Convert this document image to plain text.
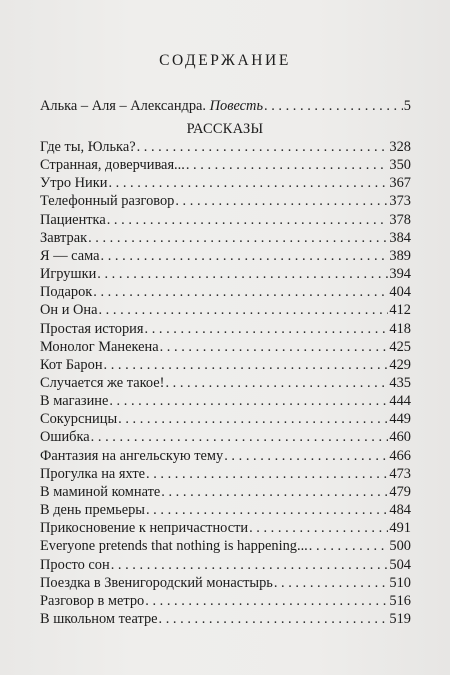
СОДЕРЖАНИЕ
Алька – Аля – Александра. Повесть . . .	5
РАССКАЗЫ
Где ты, Юлька? . . .	328
Странная, доверчивая... . . .	350
Утро Ники . . .	367
Телефонный разговор . . .	373
Пациентка . . .	378
Завтрак . . .	384
Я — сама . . .	389
Игрушки . . .	394
Подарок . . .	404
Он и Она . . .	412
Простая история . . .	418
Монолог Манекена . . .	425
Кот Барон . . .	429
Случается же такое! . . .	435
В магазине . . .	444
Сокурсницы . . .	449
Ошибка . . .	460
Фантазия на ангельскую тему . . .	466
Прогулка на яхте . . .	473
В маминой комнате . . .	479
В день премьеры . . .	484
Прикосновение к непричастности . . .	491
Everyone pretends that nothing is happening... . . .	500
Просто сон . . .	504
Поездка в Звенигородский монастырь . . .	510
Разговор в метро . . .	516
В школьном театре . . .	519
